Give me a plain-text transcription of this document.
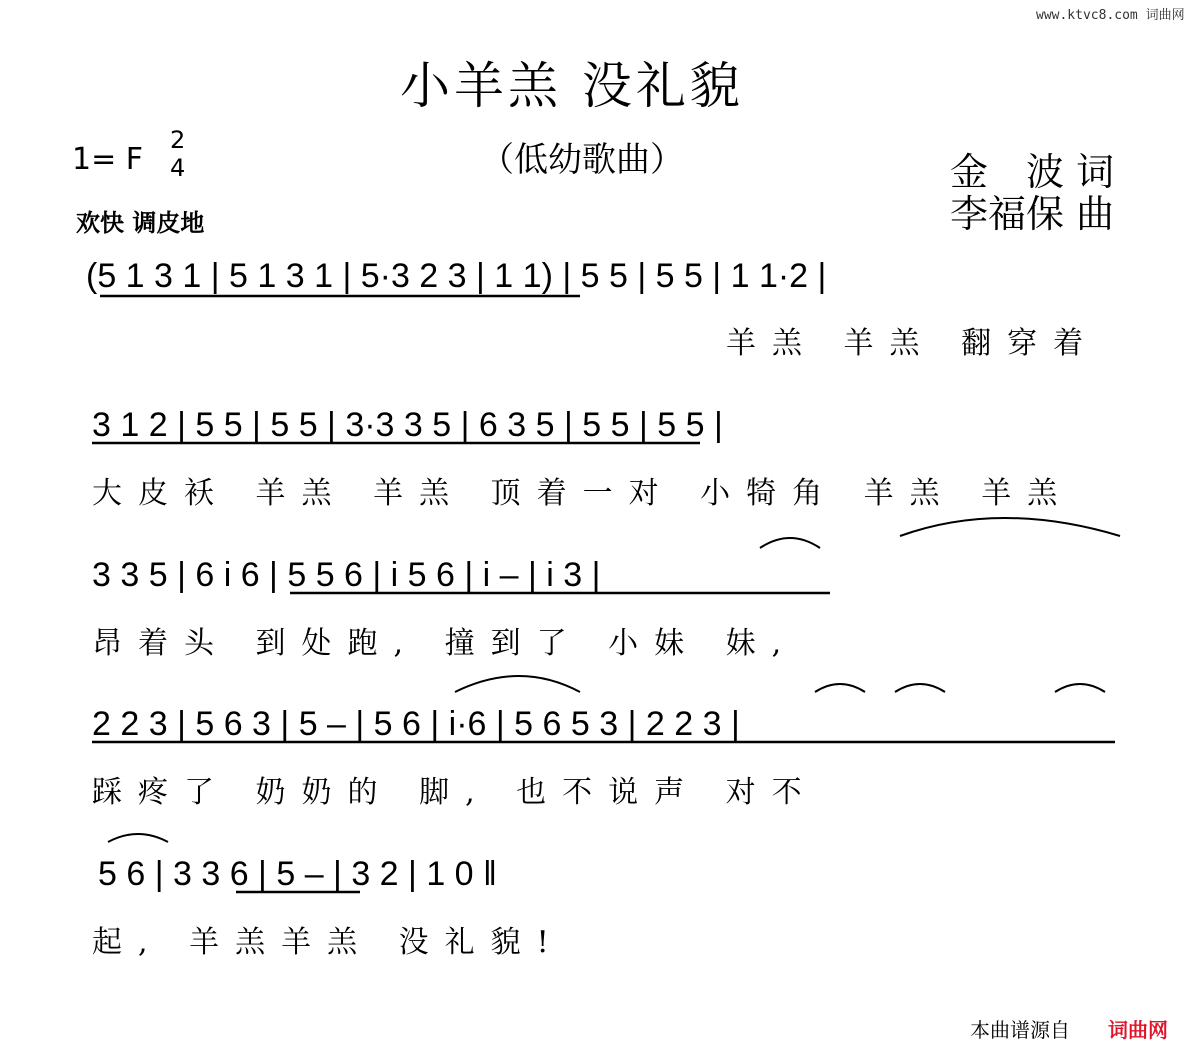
www.ktvc8.com 词曲网
小羊羔 没礼貌
（低幼歌曲）
1= F
2
4
欢快 调皮地
金　波 词
李福保 曲
(5 1 3 1 | 5 1 3 1 | 5·3 2 3 | 1 1) | 5 5 | 5 5 | 1 1·2 |
羊羔 羊羔 翻穿着
3 1 2 | 5 5 | 5 5 | 3·3 3 5 | 6 3 5 | 5 5 | 5 5 |
大皮袄 羊羔 羊羔 顶着一对 小犄角 羊羔 羊羔
3 3 5 | 6 i 6 | 5 5 6 | i 5 6 | i – | i 3 |
昂着头 到处跑, 撞到了 小妹 妹,
2 2 3 | 5 6 3 | 5 – | 5 6 | i·6 | 5 6 5 3 | 2 2 3 |
踩疼了 奶奶的 脚, 也不说声 对不
5 6 | 3 3 6 | 5 – | 3 2 | 1 0 ‖
起, 羊羔羊羔 没礼貌!
本曲谱源自 词曲网
